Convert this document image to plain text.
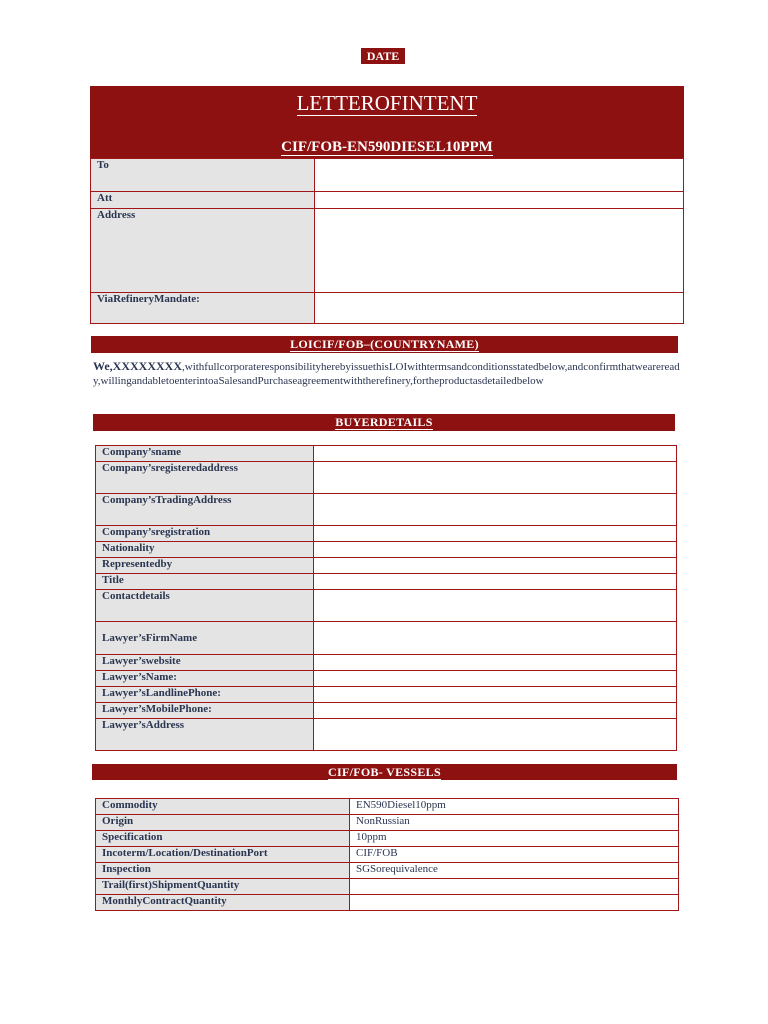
DATE
LETTEROFINTENT
CIF/FOB-EN590DIESEL10PPM
To	
Att	
Address	
ViaRefineryMandate:	
LOICIF/FOB–(COUNTRYNAME)
We,XXXXXXXX,withfullcorporateresponsibilityherebyissuethisLOIwithtermsandconditionsstatedbelow,andconfirmthatweareready,willingandabletoenterintoaSalesandPurchaseagreementwiththerefinery,fortheproductasdetailedbelow
BUYERDETAILS
Company’sname	
Company’sregisteredaddress	
Company’sTradingAddress	
Company’sregistration	
Nationality	
Representedby	
Title	
Contactdetails	
Lawyer’sFirmName	
Lawyer’swebsite	
Lawyer’sName:	
Lawyer’sLandlinePhone:	
Lawyer’sMobilePhone:	
Lawyer’sAddress	
CIF/FOB- VESSELS
Commodity	EN590Diesel10ppm
Origin	NonRussian
Specification	10ppm
Incoterm/Location/DestinationPort	CIF/FOB
Inspection	SGSorequivalence
Trail(first)ShipmentQuantity	
MonthlyContractQuantity	
